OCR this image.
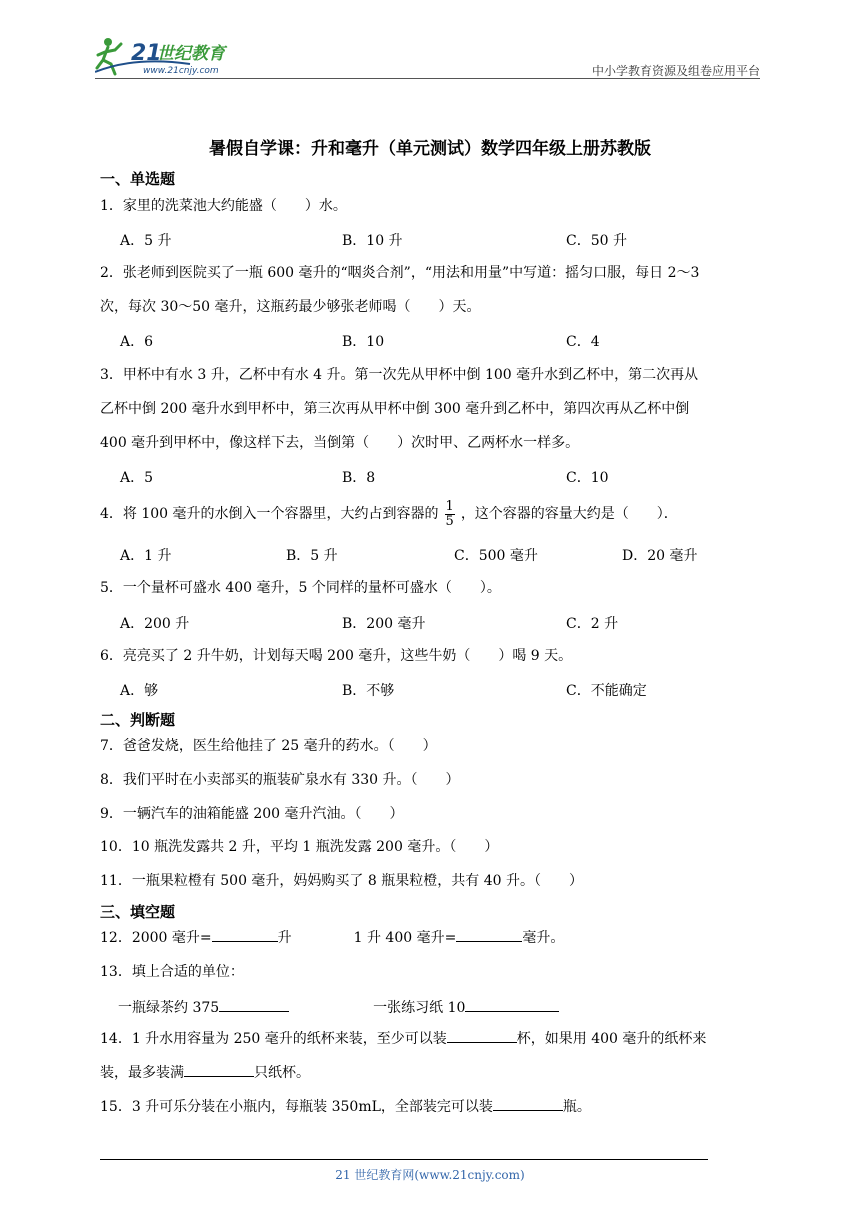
21
世纪教育
www.21cnjy.com	中小学教育资源及组卷应用平台
暑假自学课：升和毫升（单元测试）数学四年级上册苏教版
一、单选题
1．家里的洗菜池大约能盛（　　）水。
A．5 升	B．10 升	C．50 升
2．张老师到医院买了一瓶 600 毫升的“咽炎合剂”，“用法和用量”中写道：摇匀口服，每日 2～3
次，每次 30～50 毫升，这瓶药最少够张老师喝（　　）天。
A．6	B．10	C．4
3．甲杯中有水 3 升，乙杯中有水 4 升。第一次先从甲杯中倒 100 毫升水到乙杯中，第二次再从
乙杯中倒 200 毫升水到甲杯中，第三次再从甲杯中倒 300 毫升到乙杯中，第四次再从乙杯中倒
400 毫升到甲杯中，像这样下去，当倒第（　　）次时甲、乙两杯水一样多。
A．5	B．8	C．10
4．将 100 毫升的水倒入一个容器里，大约占到容器的 $\frac{1}{5}$ ，这个容器的容量大约是（　　）．
A．1 升	B．5 升	C．500 毫升	D．20 毫升
5．一个量杯可盛水 400 毫升，5 个同样的量杯可盛水（　　）。
A．200 升	B．200 毫升	C．2 升
6．亮亮买了 2 升牛奶，计划每天喝 200 毫升，这些牛奶（　　）喝 9 天。
A．够	B．不够	C．不能确定
二、判断题
7．爸爸发烧，医生给他挂了 25 毫升的药水。（　　）
8．我们平时在小卖部买的瓶装矿泉水有 330 升。（　　）
9．一辆汽车的油箱能盛 200 毫升汽油。（　　）
10．10 瓶洗发露共 2 升，平均 1 瓶洗发露 200 毫升。（　　）
11．一瓶果粒橙有 500 毫升，妈妈购买了 8 瓶果粒橙，共有 40 升。（　　）
三、填空题
12．2000 毫升=	升	1 升 400 毫升=	毫升。
13．填上合适的单位：
一瓶绿茶约 375	一张练习纸 10
14．1 升水用容量为 250 毫升的纸杯来装，至少可以装	杯，如果用 400 毫升的纸杯来
装，最多装满	只纸杯。
15．3 升可乐分装在小瓶内，每瓶装 350mL，全部装完可以装	瓶。
21 世纪教育网(www.21cnjy.com)
